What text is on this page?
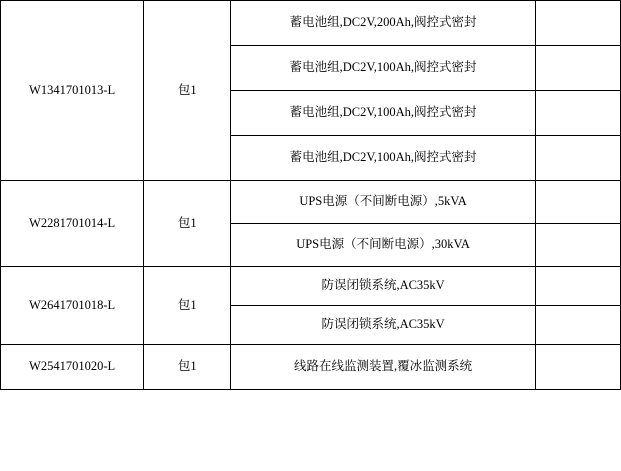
W1341701013-L	包1	蓄电池组,DC2V,200Ah,阀控式密封	
		蓄电池组,DC2V,100Ah,阀控式密封	
		蓄电池组,DC2V,100Ah,阀控式密封	
		蓄电池组,DC2V,100Ah,阀控式密封	
W2281701014-L	包1	UPS电源（不间断电源）,5kVA	
		UPS电源（不间断电源）,30kVA	
W2641701018-L	包1	防误闭锁系统,AC35kV	
		防误闭锁系统,AC35kV	
W2541701020-L	包1	线路在线监测装置,覆冰监测系统	
